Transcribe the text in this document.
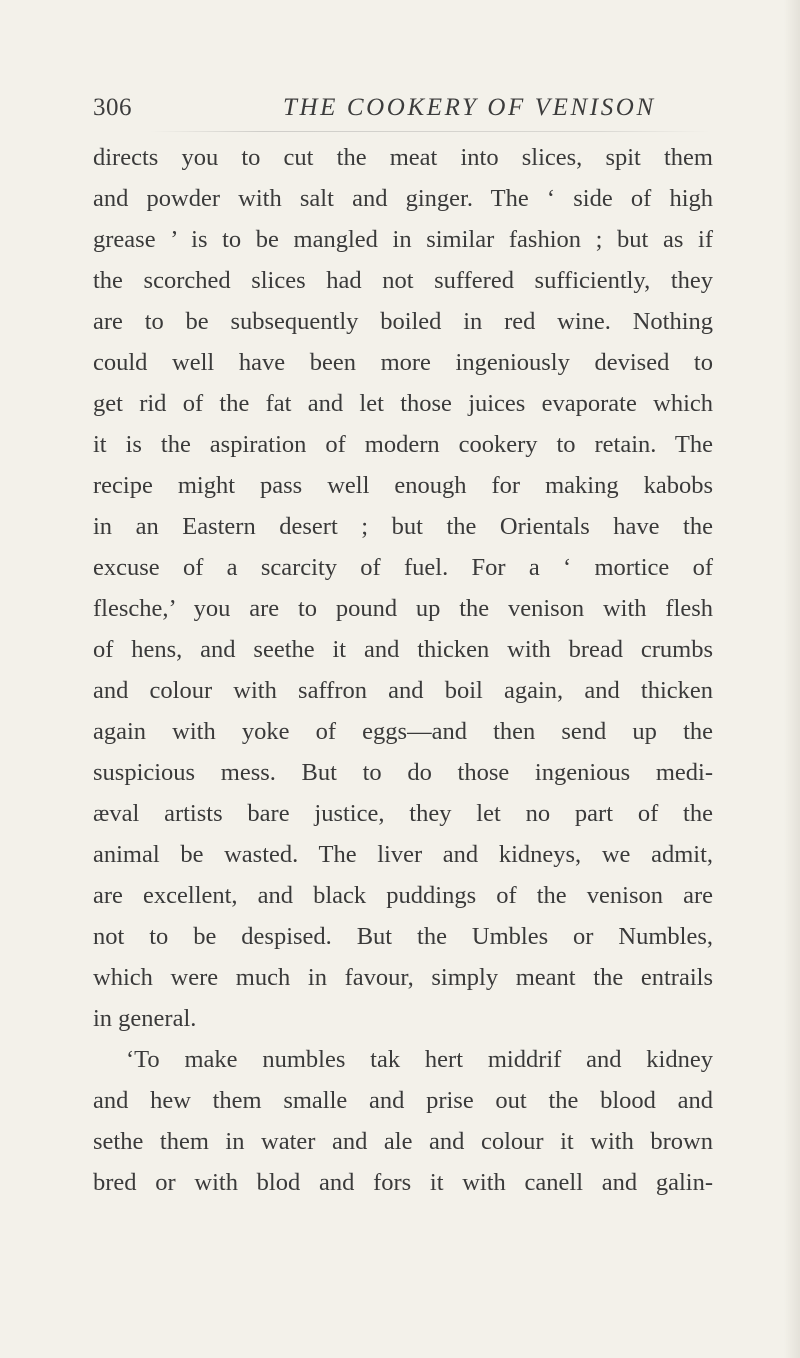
306	THE COOKERY OF VENISON
directs you to cut the meat into slices, spit them
and powder with salt and ginger. The ‘ side of high
grease ’ is to be mangled in similar fashion ; but as if
the scorched slices had not suffered sufficiently, they
are to be subsequently boiled in red wine. Nothing
could well have been more ingeniously devised to
get rid of the fat and let those juices evaporate which
it is the aspiration of modern cookery to retain. The
recipe might pass well enough for making kabobs
in an Eastern desert ; but the Orientals have the
excuse of a scarcity of fuel. For a ‘ mortice of
flesche,’ you are to pound up the venison with flesh
of hens, and seethe it and thicken with bread crumbs
and colour with saffron and boil again, and thicken
again with yoke of eggs—and then send up the
suspicious mess. But to do those ingenious medi-
æval artists bare justice, they let no part of the
animal be wasted. The liver and kidneys, we admit,
are excellent, and black puddings of the venison are
not to be despised. But the Umbles or Numbles,
which were much in favour, simply meant the entrails
in general.
‘To make numbles tak hert middrif and kidney
and hew them smalle and prise out the blood and
sethe them in water and ale and colour it with brown
bred or with blod and fors it with canell and galin-
